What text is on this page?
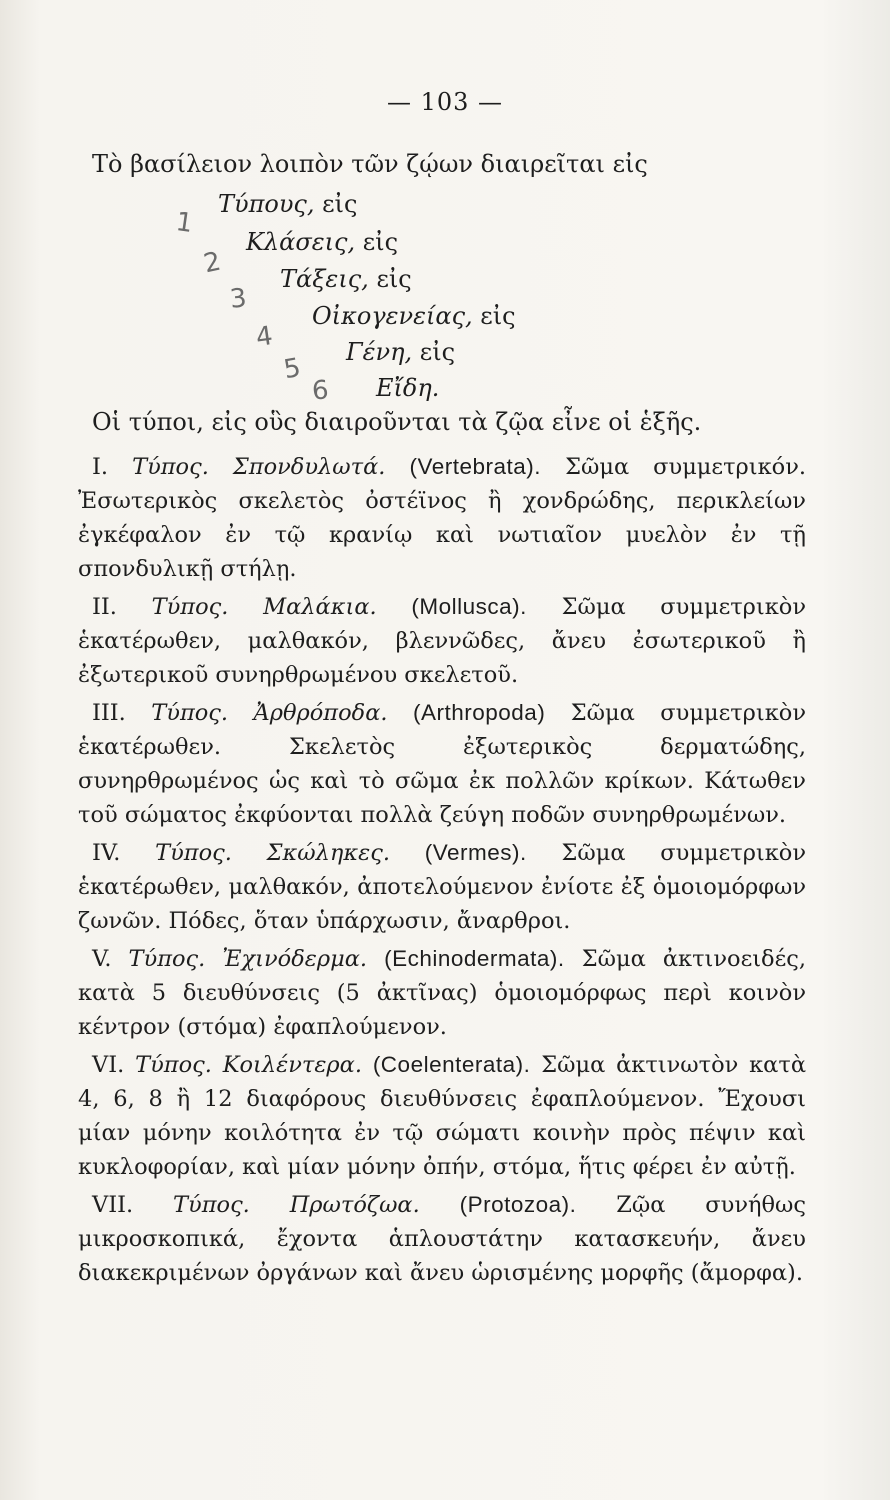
— 103 —
Τὸ βασίλειον λοιπὸν τῶν ζῴων διαιρεῖται εἰς
Τύπους, εἰς
Κλάσεις, εἰς
Τάξεις, εἰς
Οἰκογενείας, εἰς
Γένη, εἰς
Εἴδη.
1
2
3
4
5
6
Οἱ τύποι, εἰς οὓς διαιροῦνται τὰ ζῷα εἶνε οἱ ἑξῆς.

I. Τύπος. Σπονδυλωτά. (Vertebrata). Σῶμα συμμετρικόν. Ἐσωτερικὸς σκελετὸς ὀστέϊνος ἢ χονδρώδης, περικλείων ἐγκέφαλον ἐν τῷ κρανίῳ καὶ νωτιαῖον μυελὸν ἐν τῇ σπονδυλικῇ στήλῃ.

II. Τύπος. Μαλάκια. (Mollusca). Σῶμα συμμετρικὸν ἑκατέρωθεν, μαλθακόν, βλεννῶδες, ἄνευ ἐσωτερικοῦ ἢ ἐξωτερικοῦ συνηρθρωμένου σκελετοῦ.

III. Τύπος. Ἀρθρόποδα. (Arthropoda) Σῶμα συμμετρικὸν ἑκατέρωθεν. Σκελετὸς ἐξωτερικὸς δερματώδης, συνηρθρωμένος ὡς καὶ τὸ σῶμα ἐκ πολλῶν κρίκων. Κάτωθεν τοῦ σώματος ἐκφύονται πολλὰ ζεύγη ποδῶν συνηρθρωμένων.

IV. Τύπος. Σκώληκες. (Vermes). Σῶμα συμμετρικὸν ἑκατέρωθεν, μαλθακόν, ἀποτελούμενον ἐνίοτε ἐξ ὁμοιομόρφων ζωνῶν. Πόδες, ὅταν ὑπάρχωσιν, ἄναρθροι.

V. Τύπος. Ἐχινόδερμα. (Echinodermata). Σῶμα ἀκτινοειδές, κατὰ 5 διευθύνσεις (5 ἀκτῖνας) ὁμοιομόρφως περὶ κοινὸν κέντρον (στόμα) ἐφαπλούμενον.

VI. Τύπος. Κοιλέντερα. (Coelenterata). Σῶμα ἀκτινωτὸν κατὰ 4, 6, 8 ἢ 12 διαφόρους διευθύνσεις ἐφαπλούμενον. Ἔχουσι μίαν μόνην κοιλότητα ἐν τῷ σώματι κοινὴν πρὸς πέψιν καὶ κυκλοφορίαν, καὶ μίαν μόνην ὀπήν, στόμα, ἥτις φέρει ἐν αὐτῇ.

VII. Τύπος. Πρωτόζωα. (Protozoa). Ζῷα συνήθως μικροσκοπικά, ἔχοντα ἁπλουστάτην κατασκευήν, ἄνευ διακεκριμένων ὀργάνων καὶ ἄνευ ὡρισμένης μορφῆς (ἄμορφα).
